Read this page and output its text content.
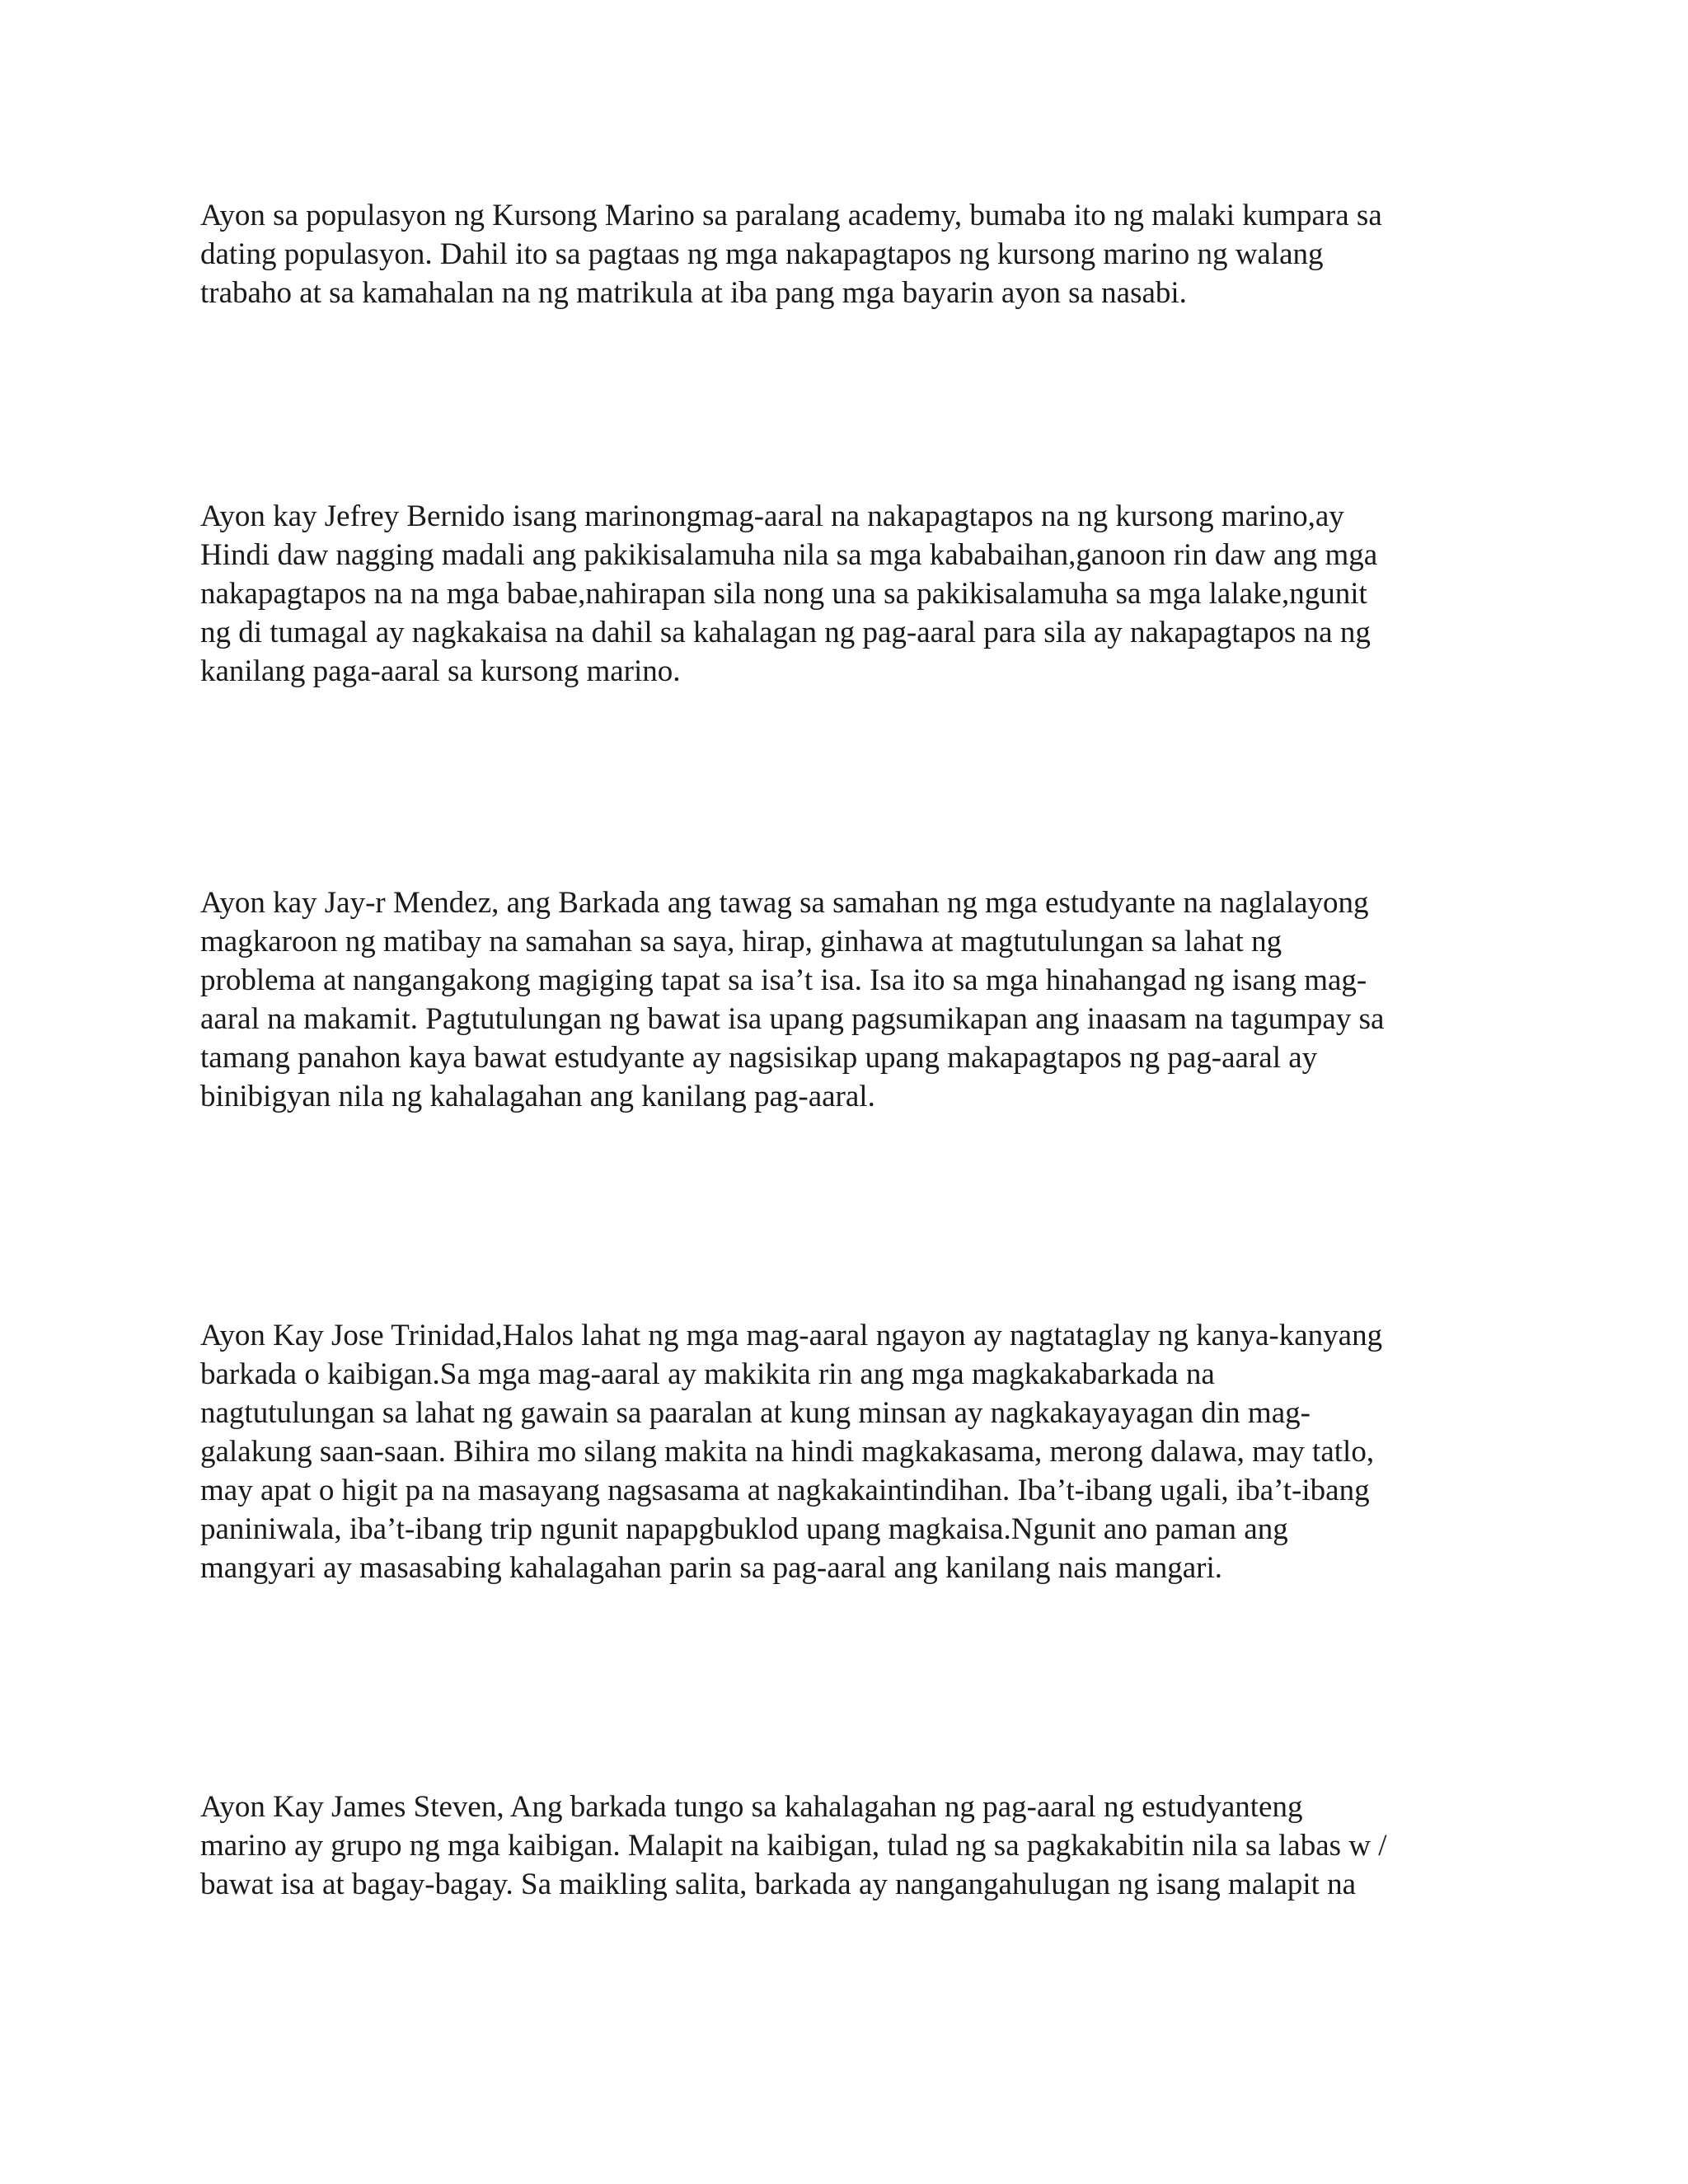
Ayon sa populasyon ng Kursong Marino sa paralang academy, bumaba ito ng malaki kumpara sa
dating populasyon. Dahil ito sa pagtaas ng mga nakapagtapos ng kursong marino ng walang
trabaho at sa kamahalan na ng matrikula at iba pang mga bayarin ayon sa nasabi.
Ayon kay Jefrey Bernido isang marinongmag-aaral na nakapagtapos na ng kursong marino,ay
Hindi daw nagging madali ang pakikisalamuha nila sa mga kababaihan,ganoon rin daw ang mga
nakapagtapos na na mga babae,nahirapan sila nong una sa pakikisalamuha sa mga lalake,ngunit
ng di tumagal ay nagkakaisa na dahil sa kahalagan ng pag-aaral para sila ay nakapagtapos na ng
kanilang paga-aaral sa kursong marino.
Ayon kay Jay-r Mendez, ang Barkada ang tawag sa samahan ng mga estudyante na naglalayong
magkaroon ng matibay na samahan sa saya, hirap, ginhawa at magtutulungan sa lahat ng
problema at nangangakong magiging tapat sa isa’t isa. Isa ito sa mga hinahangad ng isang mag-
aaral na makamit. Pagtutulungan ng bawat isa upang pagsumikapan ang inaasam na tagumpay sa
tamang panahon kaya bawat estudyante ay nagsisikap upang makapagtapos ng pag-aaral ay
binibigyan nila ng kahalagahan ang kanilang pag-aaral.
Ayon Kay Jose Trinidad,Halos lahat ng mga mag-aaral ngayon ay nagtataglay ng kanya-kanyang
barkada o kaibigan.Sa mga mag-aaral ay makikita rin ang mga magkakabarkada na
nagtutulungan sa lahat ng gawain sa paaralan at kung minsan ay nagkakayayagan din mag-
galakung saan-saan. Bihira mo silang makita na hindi magkakasama, merong dalawa, may tatlo,
may apat o higit pa na masayang nagsasama at nagkakaintindihan. Iba’t-ibang ugali, iba’t-ibang
paniniwala, iba’t-ibang trip ngunit napapgbuklod upang magkaisa.Ngunit ano paman ang
mangyari ay masasabing kahalagahan parin sa pag-aaral ang kanilang nais mangari.
Ayon Kay James Steven, Ang barkada tungo sa kahalagahan ng pag-aaral ng estudyanteng
marino ay grupo ng mga kaibigan. Malapit na kaibigan, tulad ng sa pagkakabitin nila sa labas w /
bawat isa at bagay-bagay. Sa maikling salita, barkada ay nangangahulugan ng isang malapit na
